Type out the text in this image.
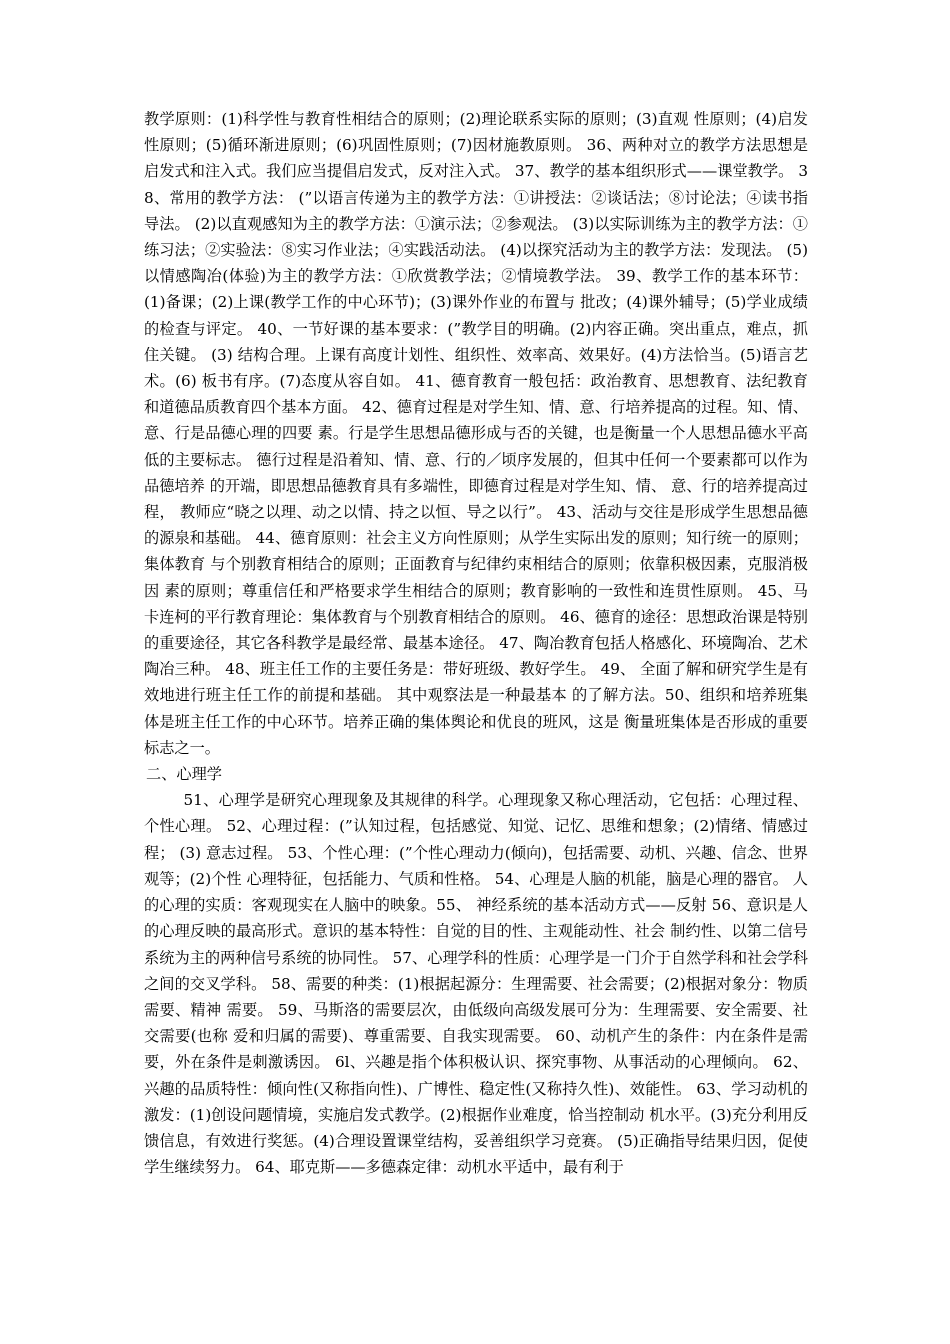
教学原则：(1)科学性与教育性相结合的原则；(2)理论联系实际的原则；(3)直观 性原则；(4)启发性原则；(5)循环渐进原则；(6)巩固性原则；(7)因材施教原则。 36、两种对立的教学方法思想是启发式和注入式。我们应当提倡启发式，反对注入式。 37、教学的基本组织形式——课堂教学。 38、常用的教学方法： (”以语言传递为主的教学方法：①讲授法：②谈话法；⑧讨论法；④读书指导法。 (2)以直观感知为主的教学方法：①演示法；②参观法。 (3)以实际训练为主的教学方法：①练习法；②实验法：⑧实习作业法；④实践活动法。 (4)以探究活动为主的教学方法：发现法。 (5)以情感陶冶(体验)为主的教学方法：①欣赏教学法；②情境教学法。 39、教学工作的基本环节：(1)备课；(2)上课(教学工作的中心环节)；(3)课外作业的布置与 批改；(4)课外辅导；(5)学业成绩的检查与评定。 40、一节好课的基本要求：(”教学目的明确。(2)内容正确。突出重点，难点，抓住关键。 (3) 结构合理。上课有高度计划性、组织性、效率高、效果好。(4)方法恰当。(5)语言艺术。(6) 板书有序。(7)态度从容自如。 41、德育教育一般包括：政治教育、思想教育、法纪教育和道德品质教育四个基本方面。 42、德育过程是对学生知、情、意、行培养提高的过程。知、情、意、行是品德心理的四要 素。行是学生思想品德形成与否的关键，也是衡量一个人思想品德水平高低的主要标志。 德行过程是沿着知、情、意、行的／顷序发展的，但其中任何一个要素都可以作为品德培养 的开端，即思想品德教育具有多端性，即德育过程是对学生知、情、 意、行的培养提高过程， 教师应“晓之以理、动之以情、持之以恒、导之以行”。 43、活动与交往是形成学生思想品德的源泉和基础。 44、德育原则：社会主义方向性原则；从学生实际出发的原则；知行统一的原则；集体教育 与个别教育相结合的原则；正面教育与纪律约束相结合的原则；依靠积极因素，克服消极因 素的原则；尊重信任和严格要求学生相结合的原则；教育影响的一致性和连贯性原则。 45、马卡连柯的平行教育理论：集体教育与个别教育相结合的原则。 46、德育的途径：思想政治课是特别的重要途径，其它各科教学是最经常、最基本途径。 47、陶冶教育包括人格感化、环境陶冶、艺术陶冶三种。 48、班主任工作的主要任务是：带好班级、教好学生。 49、 全面了解和研究学生是有效地进行班主任工作的前提和基础。 其中观察法是一种最基本 的了解方法。50、组织和培养班集体是班主任工作的中心环节。培养正确的集体舆论和优良的班风，这是 衡量班集体是否形成的重要标志之一。

二、心理学

51、心理学是研究心理现象及其规律的科学。心理现象又称心理活动，它包括：心理过程、 个性心理。 52、心理过程：(”认知过程，包括感觉、知觉、记忆、思维和想象；(2)情绪、情感过程； (3) 意志过程。 53、个性心理：(”个性心理动力(倾向)，包括需要、动机、兴趣、信念、世界观等；(2)个性 心理特征，包括能力、气质和性格。 54、心理是人脑的机能，脑是心理的器官。 人的心理的实质：客观现实在人脑中的映象。55、 神经系统的基本活动方式——反射 56、意识是人的心理反映的最高形式。意识的基本特性：自觉的目的性、主观能动性、社会 制约性、以第二信号系统为主的两种信号系统的协同性。 57、心理学科的性质：心理学是一门介于自然学科和社会学科之间的交叉学科。 58、需要的种类：(1)根据起源分：生理需要、社会需要；(2)根据对象分：物质需要、精神 需要。 59、马斯洛的需要层次，由低级向高级发展可分为：生理需要、安全需要、社交需要(也称 爱和归属的需要)、尊重需要、自我实现需要。 60、动机产生的条件：内在条件是需要，外在条件是刺激诱因。 6l、兴趣是指个体积极认识、探究事物、从事活动的心理倾向。 62、兴趣的品质特性：倾向性(又称指向性)、广博性、稳定性(又称持久性)、效能性。 63、学习动机的激发：(1)创设问题情境，实施启发式教学。(2)根据作业难度，恰当控制动 机水平。(3)充分利用反馈信息，有效进行奖惩。(4)合理设置课堂结构，妥善组织学习竞赛。 (5)正确指导结果归因，促使学生继续努力。 64、耶克斯——多德森定律：动机水平适中，最有利于
